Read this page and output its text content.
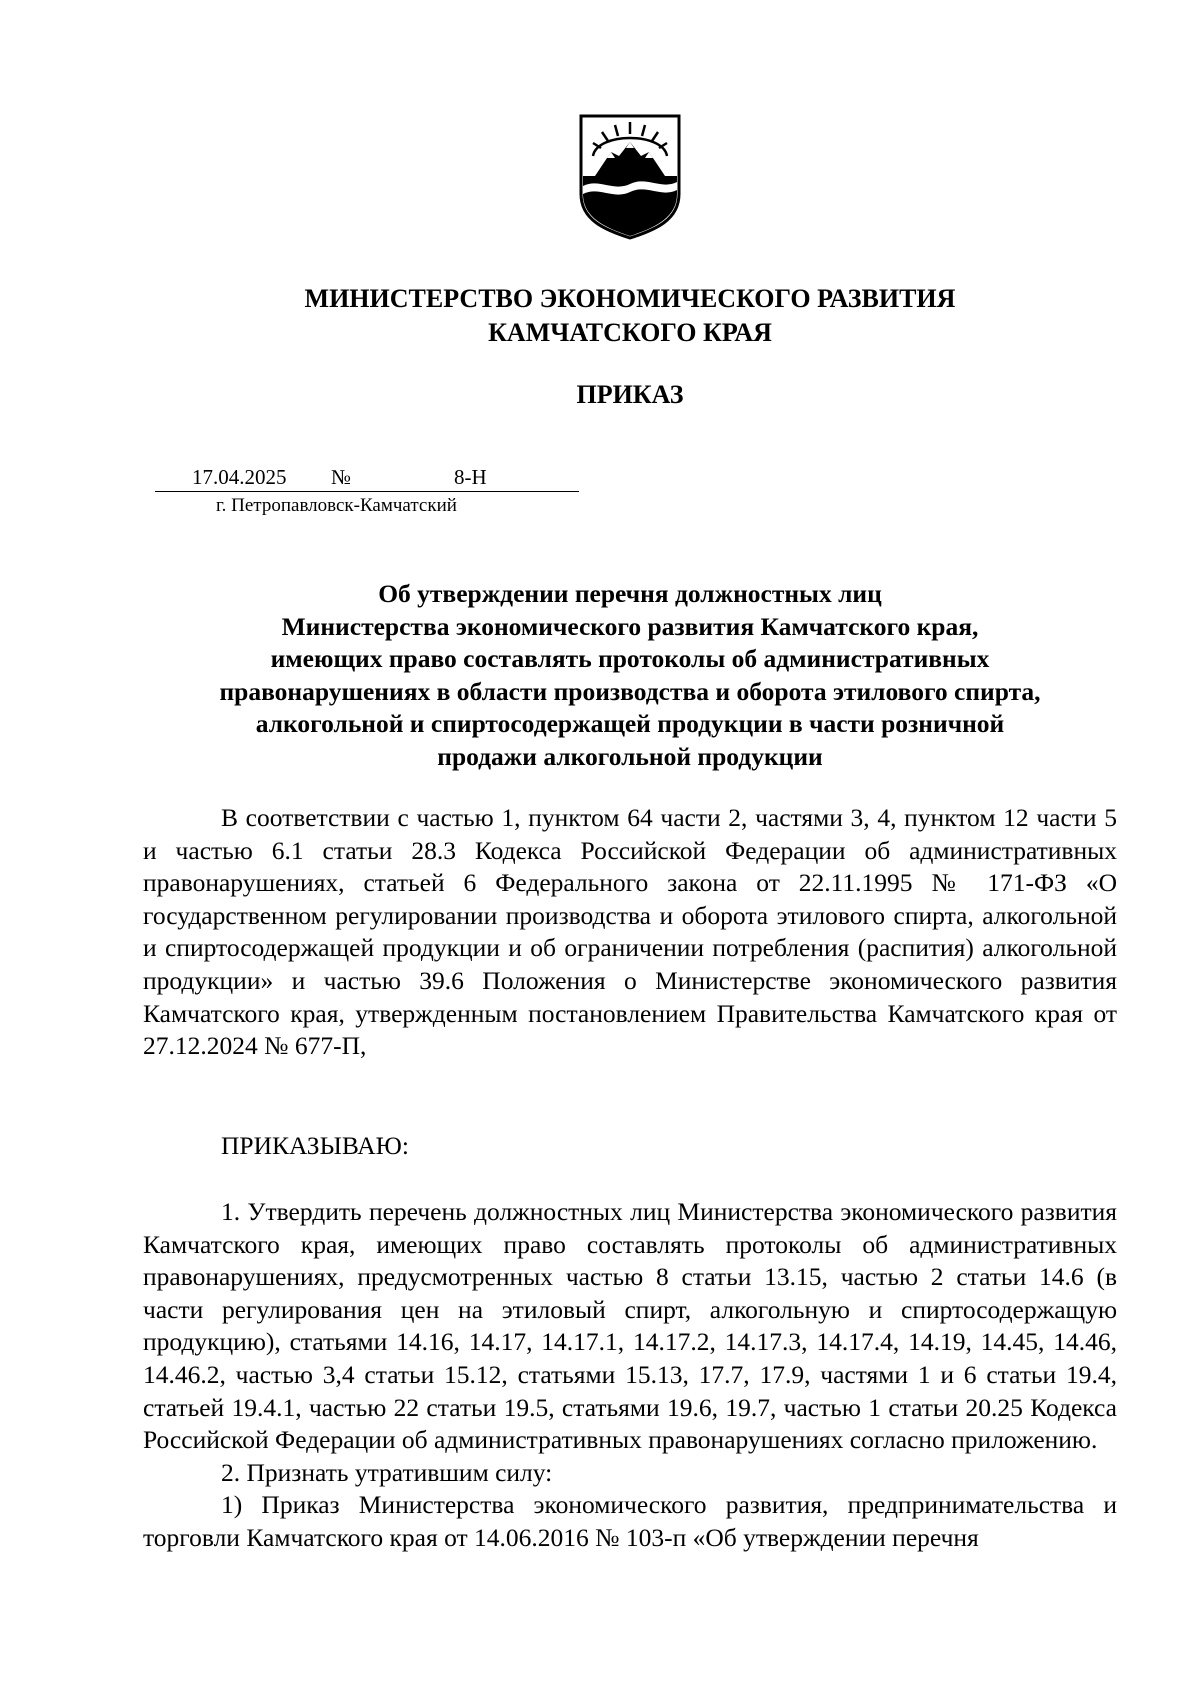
МИНИСТЕРСТВО ЭКОНОМИЧЕСКОГО РАЗВИТИЯ
КАМЧАТСКОГО КРАЯ
ПРИКАЗ
17.04.2025 №	8-Н
г. Петропавловск-Камчатский
Об утверждении перечня должностных лиц
Министерства экономического развития Камчатского края,
имеющих право составлять протоколы об административных
правонарушениях в области производства и оборота этилового спирта,
алкогольной и спиртосодержащей продукции в части розничной
продажи алкогольной продукции

В соответствии с частью 1, пунктом 64 части 2, частями 3, 4, пунктом 12 части 5 и частью 6.1 статьи 28.3 Кодекса Российской Федерации об административных правонарушениях, статьей 6 Федерального закона от 22.11.1995 № 171-ФЗ «О государственном регулировании производства и оборота этилового спирта, алкогольной и спиртосодержащей продукции и об ограничении потребления (распития) алкогольной продукции» и частью 39.6 Положения о Министерстве экономического развития Камчатского края, утвержденным постановлением Правительства Камчатского края от 27.12.2024 № 677-П,

ПРИКАЗЫВАЮ:

1. Утвердить перечень должностных лиц Министерства экономического развития Камчатского края, имеющих право составлять протоколы об административных правонарушениях, предусмотренных частью 8 статьи 13.15, частью 2 статьи 14.6 (в части регулирования цен на этиловый спирт, алкогольную и спиртосодержащую продукцию), статьями 14.16, 14.17, 14.17.1, 14.17.2, 14.17.3, 14.17.4, 14.19, 14.45, 14.46, 14.46.2, частью 3,4 статьи 15.12, статьями 15.13, 17.7, 17.9, частями 1 и 6 статьи 19.4, статьей 19.4.1, частью 22 статьи 19.5, статьями 19.6, 19.7, частью 1 статьи 20.25 Кодекса Российской Федерации об административных правонарушениях согласно приложению.

2. Признать утратившим силу:

1) Приказ Министерства экономического развития, предпринимательства и торговли Камчатского края от 14.06.2016 № 103-п «Об утверждении перечня
